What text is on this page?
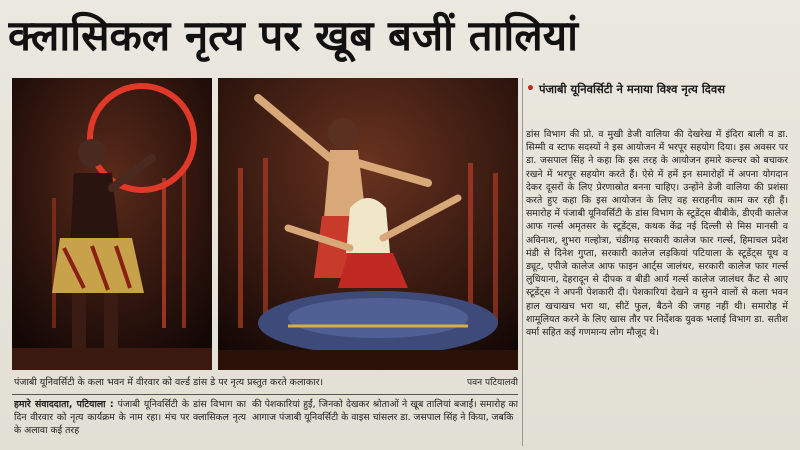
क्लासिकल नृत्य पर खूब बजीं तालियां
• पंजाबी यूनिवर्सिटी ने मनाया विश्व नृत्य दिवस
डांस विभाग की प्रो. व मुखी डेजी वालिया की देखरेख में इंदिरा बाली व डा. सिम्मी व स्टाफ सदस्यों ने इस आयोजन में भरपूर सहयोग दिया। इस अवसर पर डा. जसपाल सिंह ने कहा कि इस तरह के आयोजन हमारे कल्चर को बचाकर रखने में भरपूर सहयोग करते हैं। ऐसे में हमें इन समारोहों में अपना योगदान देकर दूसरों के लिए प्रेरणास्रोत बनना चाहिए। उन्होंने डेजी वालिया की प्रशंसा करते हुए कहा कि इस आयोजन के लिए वह सराहनीय काम कर रही हैं। समारोह में पंजाबी यूनिवर्सिटी के डांस विभाग के स्टूडेंट्स बीबीके, डीएवी कालेज आफ गर्ल्स अमृतसर के स्टूडेंट्स, कथक केंद्र नई दिल्ली से मिस मानसी व अविनाश, शुभरा गल्होत्रा, चंडीगढ़ सरकारी कालेज फार गर्ल्स, हिमाचल प्रदेश मंडी से दिनेश गुप्ता, सरकारी कालेज लड़कियां पटियाला के स्टूडेंट्स यूथ व ड्यूट, एपीजे कालेज आफ फाइन आर्ट्स जालंधर, सरकारी कालेज फार गर्ल्स लुधियाना, देहरादून से दीपक व बीडी आर्य गर्ल्स कालेज जालंधर कैंट से आए स्टूडेंट्स ने अपनी पेशकारी दी। पेशकारियां देखने व सुनने वालों से कला भवन हाल खचाखच भरा था, सीटें फुल, बैठने की जगह नहीं थी। समारोह में शामूलियत करने के लिए खास तौर पर निर्देशक युवक भलाई विभाग डा. सतीश वर्मा सहित कई गणमान्य लोग मौजूद थे।
पंजाबी यूनिवर्सिटी के कला भवन में वीरवार को वर्ल्ड डांस डे पर नृत्य प्रस्तुत करते कलाकार।	पवन पटियालवी
हमारे संवाददाता, पटियाला : पंजाबी यूनिवर्सिटी के डांस विभाग का दिन वीरवार को नृत्य कार्यक्रम के नाम रहा। मंच पर क्लासिकल नृत्य के अलावा कई तरह
की पेशकारियां हुईं, जिनको देखकर श्रोताओं ने खूब तालियां बजाईं। समारोह का आगाज पंजाबी यूनिवर्सिटी के वाइस चांसलर डा. जसपाल सिंह ने किया, जबकि
